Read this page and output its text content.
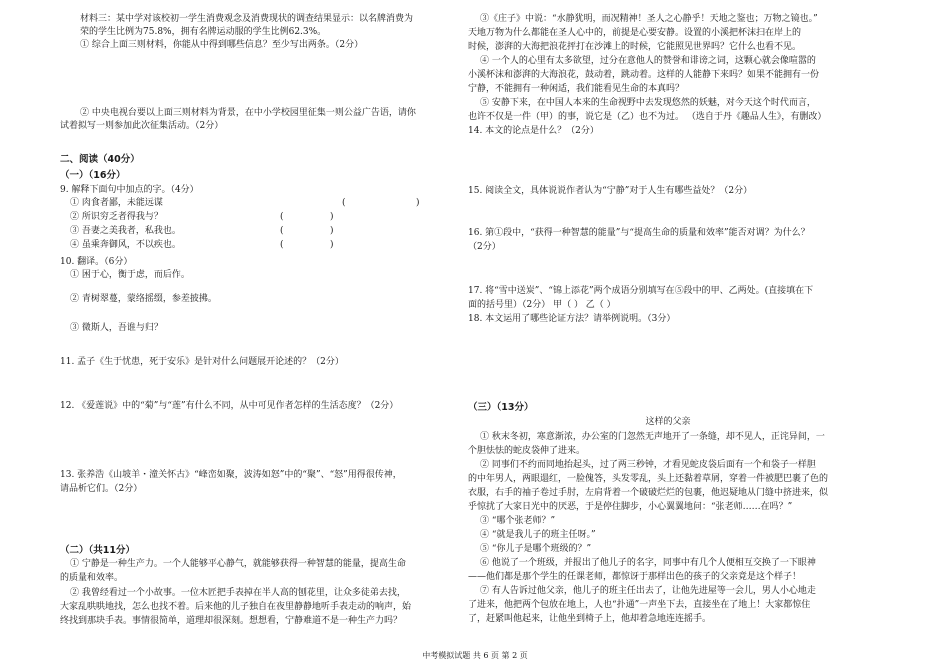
材料三：某中学对该校初一学生消费观念及消费现状的调查结果显示：以名牌消费为
荣的学生比例为75.8%，拥有名牌运动服的学生比例62.3%。
① 综合上面三则材料，你能从中得到哪些信息？至少写出两条。（2分）
② 中央电视台要以上面三则材料为背景，在中小学校园里征集一则公益广告语，请你
试着拟写一则参加此次征集活动。（2分）
二、阅读（40分）
（一）（16分）
9. 解释下面句中加点的字。（4分）
① 肉食者鄙，未能远谋	(	)
② 所识穷乏者得我与？	(	)
③ 吾妻之美我者，私我也。	(	)
④ 虽乘奔御风，不以疾也。	(	)
10. 翻译。（6分）
① 困于心，衡于虑，而后作。
② 青树翠蔓，蒙络摇缀，参差披拂。
③ 微斯人，吾谁与归？
11. 孟子《生于忧患，死于安乐》是针对什么问题展开论述的？（2分）
12. 《爱莲说》中的“菊”与“莲”有什么不同，从中可见作者怎样的生活态度？（2分）
13. 张养浩《山坡羊・潼关怀古》“峰峦如聚，波涛如怒”中的“聚”、“怒”用得很传神，
请品析它们。（2分）
（二）（共11分）
① 宁静是一种生产力。一个人能够平心静气，就能够获得一种智慧的能量，提高生命
的质量和效率。
② 我曾经看过一个小故事。一位木匠把手表掉在半人高的刨花里，让众多徒弟去找，
大家乱哄哄地找，怎么也找不着。后来他的儿子独自在夜里静静地听手表走动的响声，始
终找到那块手表。事情很简单，道理却很深刻。想想看，宁静难道不是一种生产力吗？
③《庄子》中说：“水静犹明，而况精神！圣人之心静乎！天地之鉴也；万物之镜也。”
天地万物为什么都能在圣人心中的，前提是心要安静。设置的小溪把杯沫扫在岸上的
时候，澎湃的大海把浪花抨打在沙滩上的时候，它能照见世界吗？它什么也看不见。
④ 一个人的心里有太多欲望，过分在意他人的赞誉和诽谤之词，这颗心就会像喧嚣的
小溪杯沫和澎湃的大海浪花，鼓动着，跳动着。这样的人能静下来吗？如果不能拥有一份
宁静，不能拥有一种闲适，我们能看见生命的本真吗？
⑤ 安静下来，在中国人本来的生命视野中去发现悠然的妖魅，对今天这个时代而言，
也许不仅是一件（甲）的事，说它是（乙）也不为过。 （选自于丹《趣品人生》，有删改）
14. 本文的论点是什么？（2分）
15. 阅读全文，具体说说作者认为“宁静”对于人生有哪些益处？（2分）
16. 第①段中，“获得一种智慧的能量”与“提高生命的质量和效率”能否对调？为什么？
（2分）
17. 将“雪中送炭”、“锦上添花”两个成语分别填写在⑤段中的甲、乙两处。(直接填在下
面的括号里）（2分） 甲（ ） 乙（ ）
18. 本文运用了哪些论证方法？请举例说明。（3分）
（三）（13分）
这样的父亲
① 秋末冬初，寒意渐浓，办公室的门忽然无声地开了一条缝，却不见人，正诧异间，一
个胆怯怯的蛇皮袋伸了进来。
② 同事们不约而同地抬起头，过了两三秒钟，才看见蛇皮袋后面有一个和袋子一样胆
的中年男人，两眼遢红，一脸傀答，头发零乱，头上还黏着草屑，穿着一件被肥巴裹了色的
衣服，右手的袖子卷过手肘，左肩背着一个破破烂烂的包裹，他迟疑地从门缝中挤进来，似
乎惊扰了大家日光中的厌恶，于是停住脚步，小心翼翼地问：“张老师……在吗？”
③ “哪个张老师？”
④ “就是我儿子的班主任呀。”
⑤ “你儿子是哪个班级的？”
⑥ 他说了一个班级，并报出了他儿子的名字，同事中有几个人便相互交换了一下眼神
——他们都是那个学生的任课老师，都惊讶于那样出色的孩子的父亲竟是这个样子！
⑦ 有人告诉过他父亲，他儿子的班主任出去了，让他先进屋等一会儿，男人小心地走
了进来，他把两个包放在地上，人也“扑通”一声坐下去，直接坐在了地上！大家都惊住
了，赶紧叫他起来，让他坐到椅子上，他却着急地连连摇手。
中考模拟试题 共 6 页 第 2 页
